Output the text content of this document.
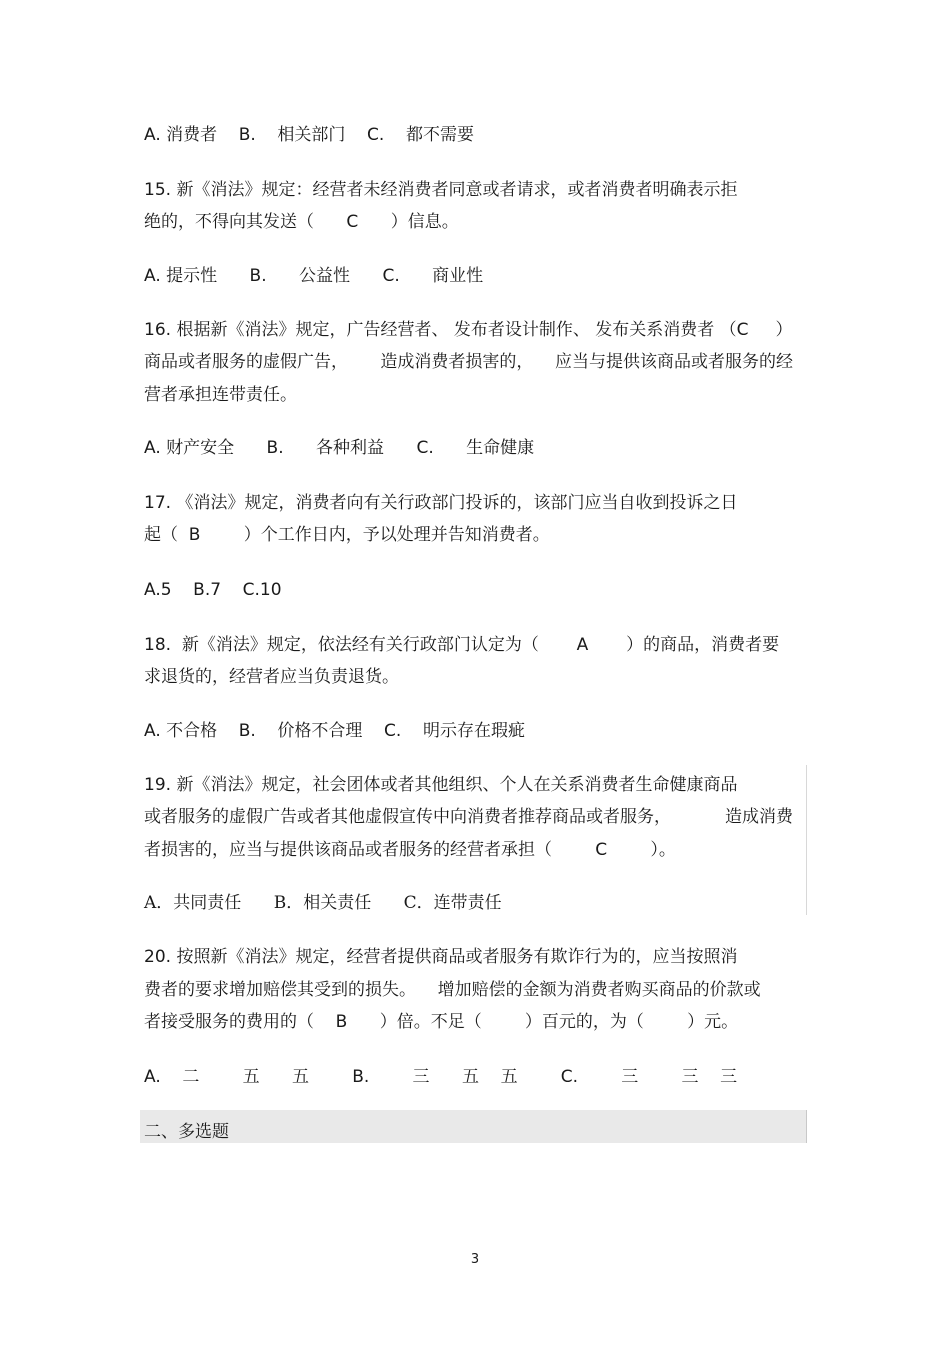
A. 消费者    B.    相关部门    C.    都不需要

15. 新《消法》规定：经营者未经消费者同意或者请求，或者消费者明确表示拒

绝的，不得向其发送（      C      ）信息。

A. 提示性      B.      公益性      C.      商业性

16. 根据新《消法》规定，广告经营者、 发布者设计制作、 发布关系消费者 （C     ）

商品或者服务的虚假广告，      造成消费者损害的，    应当与提供该商品或者服务的经

营者承担连带责任。

A. 财产安全      B.      各种利益      C.      生命健康

17. 《消法》规定，消费者向有关行政部门投诉的，该部门应当自收到投诉之日

起（  B        ）个工作日内，予以处理并告知消费者。

A.5    B.7    C.10

18.  新《消法》规定，依法经有关行政部门认定为（       A       ）的商品，消费者要

求退货的，经营者应当负责退货。

A. 不合格    B.    价格不合理    C.    明示存在瑕疵

19. 新《消法》规定，社会团体或者其他组织、个人在关系消费者生命健康商品

或者服务的虚假广告或者其他虚假宣传中向消费者推荐商品或者服务，          造成消费

者损害的，应当与提供该商品或者服务的经营者承担（        C        ）。

A．共同责任      B．相关责任      C．连带责任

20. 按照新《消法》规定，经营者提供商品或者服务有欺诈行为的，应当按照消

费者的要求增加赔偿其受到的损失。    增加赔偿的金额为消费者购买商品的价款或

者接受服务的费用的（    B      ）倍。不足（        ）百元的，为（        ）元。

A.    二        五      五        B.        三      五    五        C.        三        三    三

二、多选题
3
